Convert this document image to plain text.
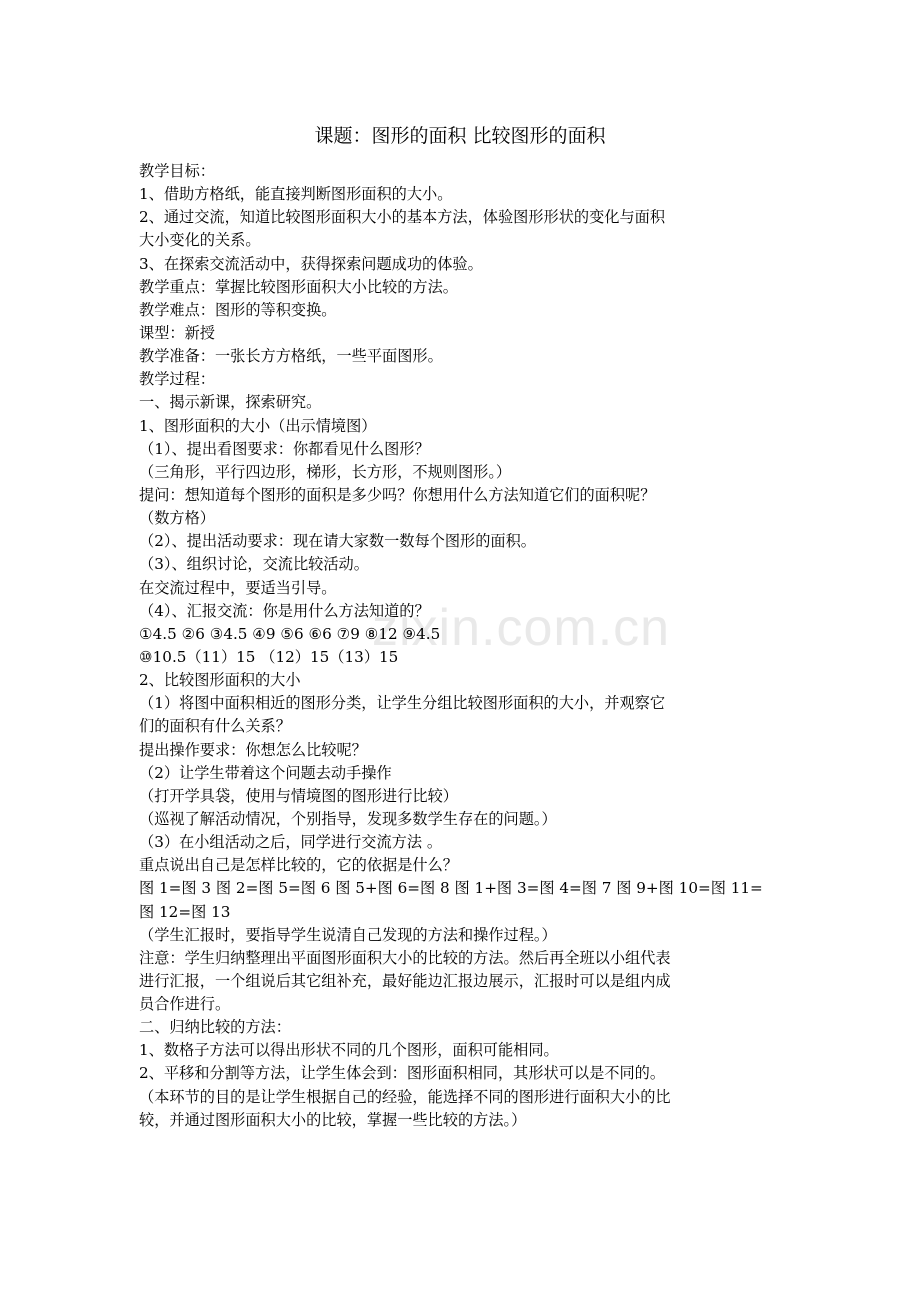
zixin.com.cn
课题：图形的面积 比较图形的面积
教学目标：
1、借助方格纸，能直接判断图形面积的大小。
2、通过交流，知道比较图形面积大小的基本方法，体验图形形状的变化与面积
大小变化的关系。
3、在探索交流活动中，获得探索问题成功的体验。
教学重点：掌握比较图形面积大小比较的方法。
教学难点：图形的等积变换。
课型：新授
教学准备：一张长方方格纸，一些平面图形。
教学过程：
一、揭示新课，探索研究。
1、图形面积的大小（出示情境图）
（1）、提出看图要求：你都看见什么图形？
（三角形，平行四边形，梯形，长方形，不规则图形。）
提问：想知道每个图形的面积是多少吗？你想用什么方法知道它们的面积呢？
（数方格）
（2）、提出活动要求：现在请大家数一数每个图形的面积。
（3）、组织讨论，交流比较活动。
在交流过程中，要适当引导。
（4）、汇报交流：你是用什么方法知道的？
①4.5 ②6 ③4.5 ④9 ⑤6 ⑥6 ⑦9 ⑧12 ⑨4.5
⑩10.5（11）15 （12）15（13）15
2、比较图形面积的大小
（1）将图中面积相近的图形分类，让学生分组比较图形面积的大小，并观察它
们的面积有什么关系？
提出操作要求：你想怎么比较呢？
（2）让学生带着这个问题去动手操作
（打开学具袋，使用与情境图的图形进行比较）
（巡视了解活动情况，个别指导，发现多数学生存在的问题。）
（3）在小组活动之后，同学进行交流方法 。
重点说出自己是怎样比较的，它的依据是什么？
图 1=图 3 图 2=图 5=图 6 图 5+图 6=图 8 图 1+图 3=图 4=图 7 图 9+图 10=图 11=
图 12=图 13
（学生汇报时，要指导学生说清自己发现的方法和操作过程。）
注意：学生归纳整理出平面图形面积大小的比较的方法。然后再全班以小组代表
进行汇报，一个组说后其它组补充，最好能边汇报边展示，汇报时可以是组内成
员合作进行。
二、归纳比较的方法：
1、数格子方法可以得出形状不同的几个图形，面积可能相同。
2、平移和分割等方法，让学生体会到：图形面积相同，其形状可以是不同的。
（本环节的目的是让学生根据自己的经验，能选择不同的图形进行面积大小的比
较，并通过图形面积大小的比较，掌握一些比较的方法。）
